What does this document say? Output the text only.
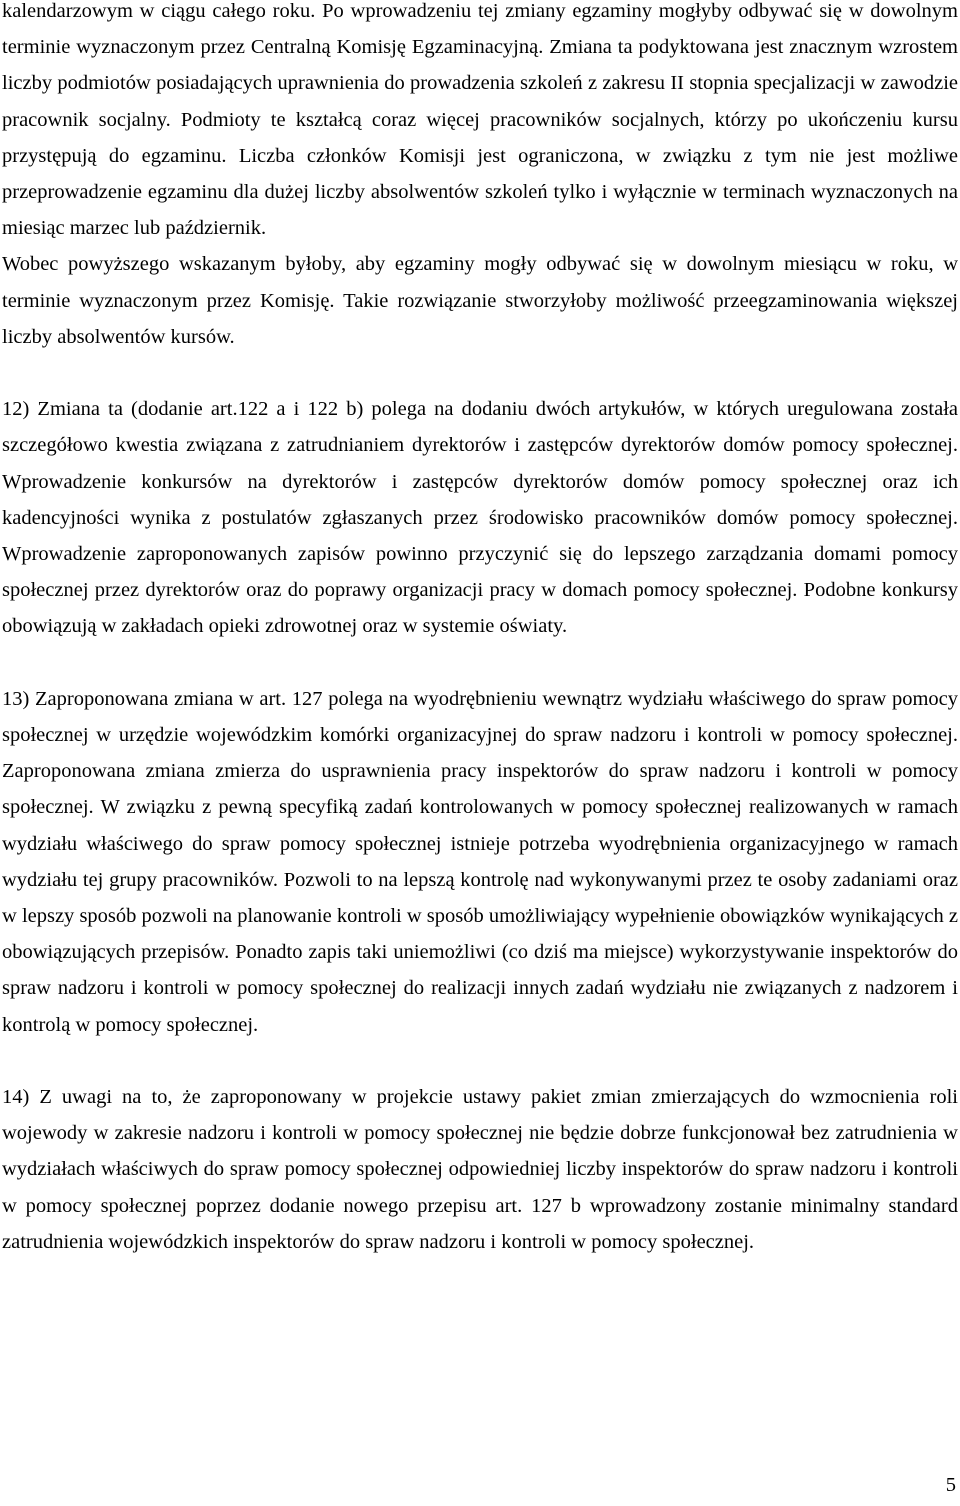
kalendarzowym w ciągu całego roku. Po wprowadzeniu tej zmiany egzaminy mogłyby odbywać się w dowolnym terminie wyznaczonym przez Centralną Komisję Egzaminacyjną. Zmiana ta podyktowana jest znacznym wzrostem liczby podmiotów posiadających uprawnienia do prowadzenia szkoleń z zakresu II stopnia specjalizacji w zawodzie pracownik socjalny. Podmioty te kształcą coraz więcej pracowników socjalnych, którzy po ukończeniu kursu przystępują do egzaminu. Liczba członków Komisji jest ograniczona, w związku z tym nie jest możliwe przeprowadzenie egzaminu dla dużej liczby absolwentów szkoleń tylko i wyłącznie w terminach wyznaczonych na miesiąc marzec lub październik.

Wobec powyższego wskazanym byłoby, aby egzaminy mogły odbywać się w dowolnym miesiącu w roku, w terminie wyznaczonym przez Komisję. Takie rozwiązanie stworzyłoby możliwość przeegzaminowania większej liczby absolwentów kursów.

12) Zmiana ta (dodanie art.122 a i 122 b) polega na dodaniu dwóch artykułów, w których uregulowana została szczegółowo kwestia związana z zatrudnianiem dyrektorów i zastępców dyrektorów domów pomocy społecznej. Wprowadzenie konkursów na dyrektorów i zastępców dyrektorów domów pomocy społecznej oraz ich kadencyjności wynika z postulatów zgłaszanych przez środowisko pracowników domów pomocy społecznej. Wprowadzenie zaproponowanych zapisów powinno przyczynić się do lepszego zarządzania domami pomocy społecznej przez dyrektorów oraz do poprawy organizacji pracy w domach pomocy społecznej. Podobne konkursy obowiązują w zakładach opieki zdrowotnej oraz w systemie oświaty.

13) Zaproponowana zmiana w art. 127 polega na wyodrębnieniu wewnątrz wydziału właściwego do spraw pomocy społecznej w urzędzie wojewódzkim komórki organizacyjnej do spraw nadzoru i kontroli w pomocy społecznej. Zaproponowana zmiana zmierza do usprawnienia pracy inspektorów do spraw nadzoru i kontroli w pomocy społecznej. W związku z pewną specyfiką zadań kontrolowanych w pomocy społecznej realizowanych w ramach wydziału właściwego do spraw pomocy społecznej istnieje potrzeba wyodrębnienia organizacyjnego w ramach wydziału tej grupy pracowników. Pozwoli to na lepszą kontrolę nad wykonywanymi przez te osoby zadaniami oraz w lepszy sposób pozwoli na planowanie kontroli w sposób umożliwiający wypełnienie obowiązków wynikających z obowiązujących przepisów. Ponadto zapis taki uniemożliwi (co dziś ma miejsce) wykorzystywanie inspektorów do spraw nadzoru i kontroli w pomocy społecznej do realizacji innych zadań wydziału nie związanych z nadzorem i kontrolą w pomocy społecznej.

14) Z uwagi na to, że zaproponowany w projekcie ustawy pakiet zmian zmierzających do wzmocnienia roli wojewody w zakresie nadzoru i kontroli w pomocy społecznej nie będzie dobrze funkcjonował bez zatrudnienia w wydziałach właściwych do spraw pomocy społecznej odpowiedniej liczby inspektorów do spraw nadzoru i kontroli w pomocy społecznej poprzez dodanie nowego przepisu art. 127 b wprowadzony zostanie minimalny standard zatrudnienia wojewódzkich inspektorów do spraw nadzoru i kontroli w pomocy społecznej.

5
